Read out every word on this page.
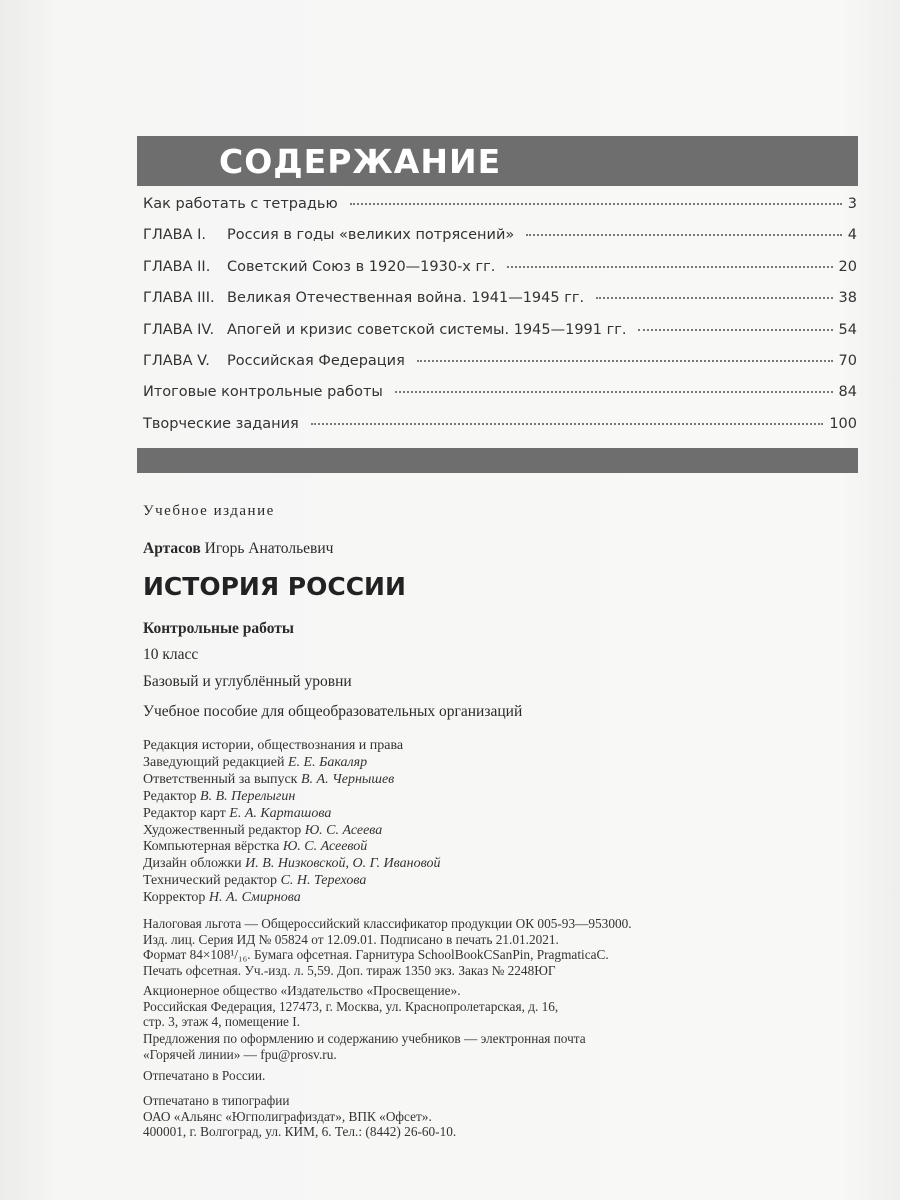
СОДЕРЖАНИЕ
Как работать с тетрадью	3
ГЛАВА I.	Россия в годы «великих потрясений»	4
ГЛАВА II.	Советский Союз в 1920—1930-х гг.	20
ГЛАВА III. Великая Отечественная война. 1941—1945 гг.	38
ГЛАВА IV. Апогей и кризис советской системы. 1945—1991 гг.	54
ГЛАВА V.	Российская Федерация	70
Итоговые контрольные работы	84
Творческие задания	100
Учебное издание
Артасов Игорь Анатольевич
ИСТОРИЯ РОССИИ
Контрольные работы
10 класс
Базовый и углублённый уровни
Учебное пособие для общеобразовательных организаций
Редакция истории, обществознания и права
Заведующий редакцией Е. Е. Бакаляр
Ответственный за выпуск В. А. Чернышев
Редактор В. В. Перелыгин
Редактор карт Е. А. Карташова
Художественный редактор Ю. С. Асеева
Компьютерная вёрстка Ю. С. Асеевой
Дизайн обложки И. В. Низковской, О. Г. Ивановой
Технический редактор С. Н. Терехова
Корректор Н. А. Смирнова
Налоговая льгота — Общероссийский классификатор продукции ОК 005-93—953000.
Изд. лиц. Серия ИД № 05824 от 12.09.01. Подписано в печать 21.01.2021.
Формат 84×108¹/₁₆. Бумага офсетная. Гарнитура SchoolBookCSanPin, PragmaticaC.
Печать офсетная. Уч.-изд. л. 5,59. Доп. тираж 1350 экз. Заказ № 2248ЮГ
Акционерное общество «Издательство «Просвещение».
Российская Федерация, 127473, г. Москва, ул. Краснопролетарская, д. 16,
стр. 3, этаж 4, помещение I.
Предложения по оформлению и содержанию учебников — электронная почта
«Горячей линии» — fpu@prosv.ru.
Отпечатано в России.
Отпечатано в типографии
ОАО «Альянс «Югполиграфиздат», ВПК «Офсет».
400001, г. Волгоград, ул. КИМ, 6. Тел.: (8442) 26-60-10.
